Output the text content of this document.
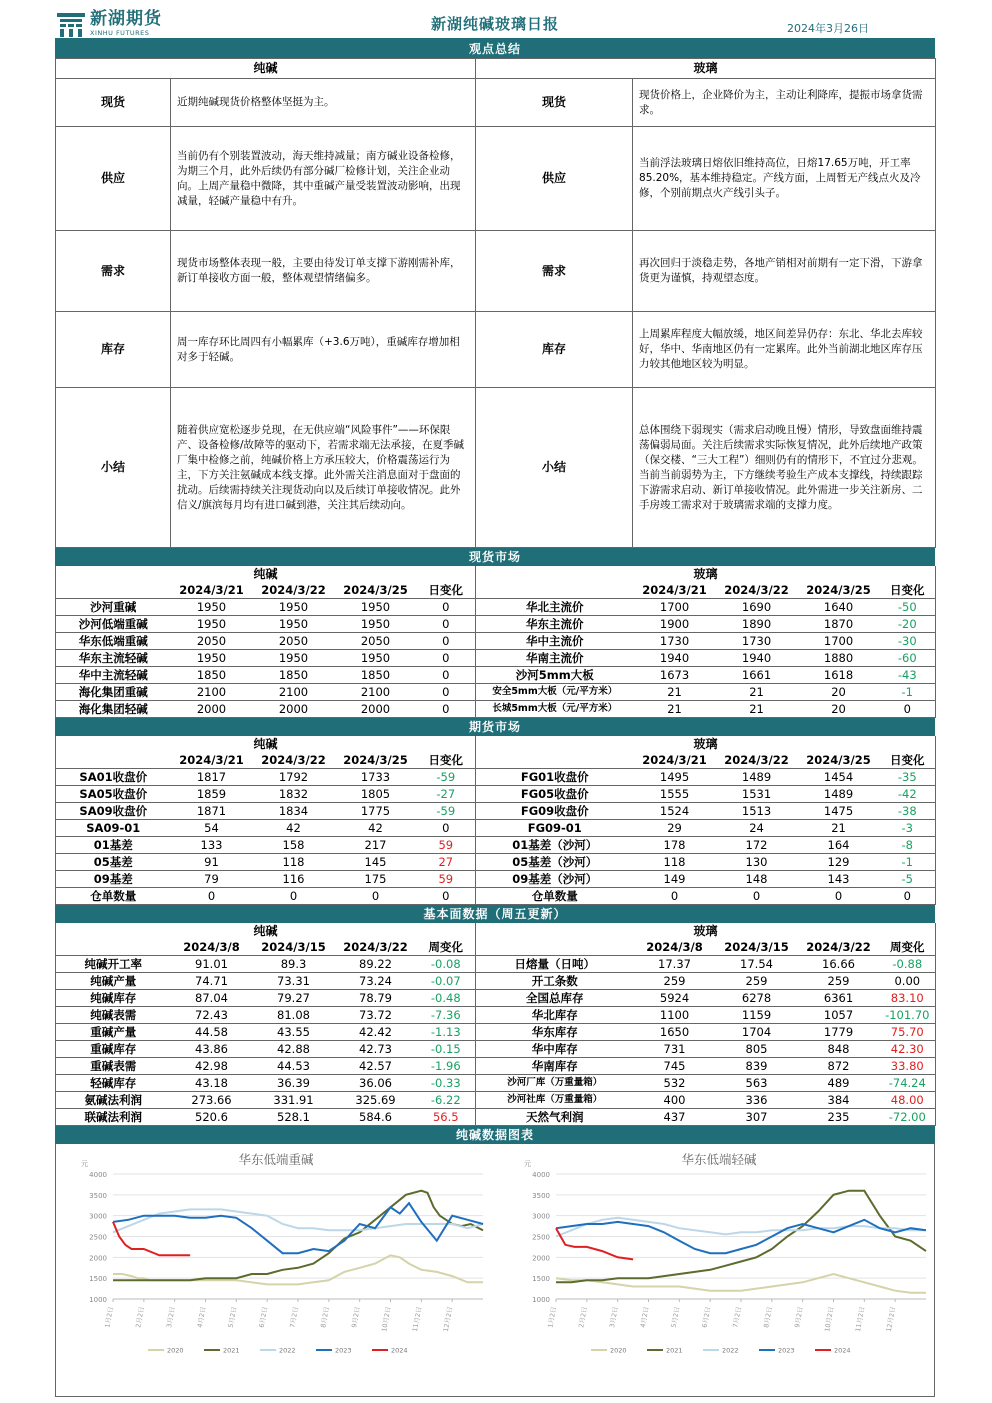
新湖期货
XINHU FUTURES	新湖纯碱玻璃日报	2024年3月26日
观点总结
纯碱		玻璃	
现货	近期纯碱现货价格整体坚挺为主。	现货	现货价格上，企业降价为主，主动让利降库，提振市场拿货需求。
供应	当前仍有个别装置波动，海天维持减量；南方碱业设备检修，为期三个月，此外后续仍有部分碱厂检修计划，关注企业动向。上周产量稳中微降，其中重碱产量受装置波动影响，出现减量，轻碱产量稳中有升。	供应	当前浮法玻璃日熔依旧维持高位，日熔17.65万吨，开工率85.20%，基本维持稳定。产线方面，上周暂无产线点火及冷修，个别前期点火产线引头子。
需求	现货市场整体表现一般，主要由待发订单支撑下游刚需补库，新订单接收方面一般，整体观望情绪偏多。	需求	再次回归于淡稳走势，各地产销相对前期有一定下滑，下游拿货更为谨慎，持观望态度。
库存	周一库存环比周四有小幅累库（+3.6万吨），重碱库存增加相对多于轻碱。	库存	上周累库程度大幅放缓，地区间差异仍存：东北、华北去库较好，华中、华南地区仍有一定累库。此外当前湖北地区库存压力较其他地区较为明显。
小结	随着供应宽松逐步兑现，在无供应端“风险事件”——环保限产、设备检修/故障等的驱动下，若需求端无法承接，在夏季碱厂集中检修之前，纯碱价格上方承压较大，价格震荡运行为主，下方关注氨碱成本线支撑。此外需关注消息面对于盘面的扰动。后续需持续关注现货动向以及后续订单接收情况。此外信义/旗滨每月均有进口碱到港，关注其后续动向。	小结	总体围绕下弱现实（需求启动晚且慢）情形，导致盘面维持震荡偏弱局面。关注后续需求实际恢复情况，此外后续地产政策（保交楼、“三大工程”）细则仍有的情形下，不宜过分悲观。当前当前弱势为主，下方继续考验生产成本支撑线，持续跟踪下游需求启动、新订单接收情况。此外需进一步关注新房、二手房竣工需求对于玻璃需求端的支撑力度。
现货市场
纯碱					玻璃				
	2024/3/21	2024/3/22	2024/3/25	日变化		2024/3/21	2024/3/22	2024/3/25	日变化
沙河重碱	1950	1950	1950	0	华北主流价	1700	1690	1640	-50
沙河低端重碱	1950	1950	1950	0	华东主流价	1900	1890	1870	-20
华东低端重碱	2050	2050	2050	0	华中主流价	1730	1730	1700	-30
华东主流轻碱	1950	1950	1950	0	华南主流价	1940	1940	1880	-60
华中主流轻碱	1850	1850	1850	0	沙河5mm大板	1673	1661	1618	-43
海化集团重碱	2100	2100	2100	0	安全5mm大板（元/平方米）	21	21	20	-1
海化集团轻碱	2000	2000	2000	0	长城5mm大板（元/平方米）	21	21	20	0
期货市场
纯碱					玻璃				
	2024/3/21	2024/3/22	2024/3/25	日变化		2024/3/21	2024/3/22	2024/3/25	日变化
SA01收盘价	1817	1792	1733	-59	FG01收盘价	1495	1489	1454	-35
SA05收盘价	1859	1832	1805	-27	FG05收盘价	1555	1531	1489	-42
SA09收盘价	1871	1834	1775	-59	FG09收盘价	1524	1513	1475	-38
SA09-01	54	42	42	0	FG09-01	29	24	21	-3
01基差	133	158	217	59	01基差（沙河）	178	172	164	-8
05基差	91	118	145	27	05基差（沙河）	118	130	129	-1
09基差	79	116	175	59	09基差（沙河）	149	148	143	-5
仓单数量	0	0	0	0	仓单数量	0	0	0	0
基本面数据（周五更新）
纯碱					玻璃				
	2024/3/8	2024/3/15	2024/3/22	周变化		2024/3/8	2024/3/15	2024/3/22	周变化
纯碱开工率	91.01	89.3	89.22	-0.08	日熔量（日吨）	17.37	17.54	16.66	-0.88
纯碱产量	74.71	73.31	73.24	-0.07	开工条数	259	259	259	0.00
纯碱库存	87.04	79.27	78.79	-0.48	全国总库存	5924	6278	6361	83.10
纯碱表需	72.43	81.08	73.72	-7.36	华北库存	1100	1159	1057	-101.70
重碱产量	44.58	43.55	42.42	-1.13	华东库存	1650	1704	1779	75.70
重碱库存	43.86	42.88	42.73	-0.15	华中库存	731	805	848	42.30
重碱表需	42.98	44.53	42.57	-1.96	华南库存	745	839	872	33.80
轻碱库存	43.18	36.39	36.06	-0.33	沙河厂库（万重量箱）	532	563	489	-74.24
氨碱法利润	273.66	331.91	325.69	-6.22	沙河社库（万重量箱）	400	336	384	48.00
联碱法利润	520.6	528.1	584.6	56.5	天然气利润	437	307	235	-72.00
纯碱数据图表
华东低端重碱
元
1000
1500
2000
2500
3000
3500
4000
1月2日	2月2日	3月2日	4月2日	5月2日	6月2日	7月2日	8月2日	9月2日	10月2日	11月2日	12月2日
2020	2021	2022	2023	2024
华东低端轻碱
元
1000
1500
2000
2500
3000
3500
4000
1月2日	2月2日	3月2日	4月2日	5月2日	6月2日	7月2日	8月2日	9月2日	10月2日	11月2日	12月2日
2020	2021	2022	2023	2024
